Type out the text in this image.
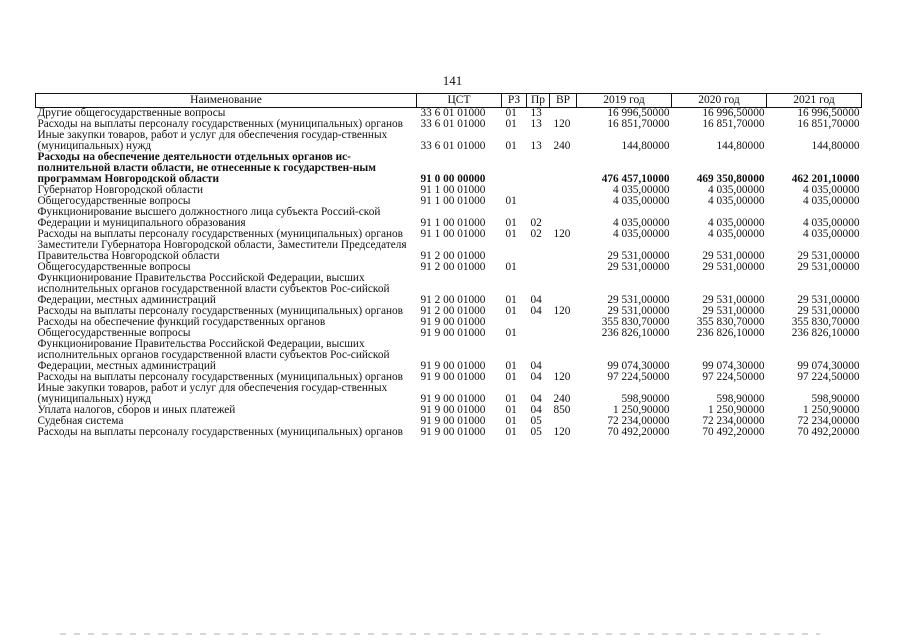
141
Наименование	ЦСТ	РЗ	Пр	ВР	2019 год	2020 год	2021 год
Другие общегосударственные вопросы	33 6 01 01000	01	13		16 996,50000	16 996,50000	16 996,50000
Расходы на выплаты персоналу государственных (муниципальных) органов	33 6 01 01000	01	13	120	16 851,70000	16 851,70000	16 851,70000
Иные закупки товаров, работ и услуг для обеспечения государ-ственных (муниципальных) нужд	33 6 01 01000	01	13	240	144,80000	144,80000	144,80000
Расходы на обеспечение деятельности отдельных органов ис-полнительной власти области, не отнесенные к государствен-ным программам Новгородской области	91 0 00 00000				476 457,10000	469 350,80000	462 201,10000
Губернатор Новгородской области	91 1 00 01000				4 035,00000	4 035,00000	4 035,00000
Общегосударственные вопросы	91 1 00 01000	01			4 035,00000	4 035,00000	4 035,00000
Функционирование высшего должностного лица субъекта Россий-ской Федерации и муниципального образования	91 1 00 01000	01	02		4 035,00000	4 035,00000	4 035,00000
Расходы на выплаты персоналу государственных (муниципальных) органов	91 1 00 01000	01	02	120	4 035,00000	4 035,00000	4 035,00000
Заместители Губернатора Новгородской области, Заместители Председателя Правительства Новгородской области	91 2 00 01000				29 531,00000	29 531,00000	29 531,00000
Общегосударственные вопросы	91 2 00 01000	01			29 531,00000	29 531,00000	29 531,00000
Функционирование Правительства Российской Федерации, высших исполнительных органов государственной власти субъектов Рос-сийской Федерации, местных администраций	91 2 00 01000	01	04		29 531,00000	29 531,00000	29 531,00000
Расходы на выплаты персоналу государственных (муниципальных) органов	91 2 00 01000	01	04	120	29 531,00000	29 531,00000	29 531,00000
Расходы на обеспечение функций государственных органов	91 9 00 01000				355 830,70000	355 830,70000	355 830,70000
Общегосударственные вопросы	91 9 00 01000	01			236 826,10000	236 826,10000	236 826,10000
Функционирование Правительства Российской Федерации, высших исполнительных органов государственной власти субъектов Рос-сийской Федерации, местных администраций	91 9 00 01000	01	04		99 074,30000	99 074,30000	99 074,30000
Расходы на выплаты персоналу государственных (муниципальных) органов	91 9 00 01000	01	04	120	97 224,50000	97 224,50000	97 224,50000
Иные закупки товаров, работ и услуг для обеспечения государ-ственных (муниципальных) нужд	91 9 00 01000	01	04	240	598,90000	598,90000	598,90000
Уплата налогов, сборов и иных платежей	91 9 00 01000	01	04	850	1 250,90000	1 250,90000	1 250,90000
Судебная система	91 9 00 01000	01	05		72 234,00000	72 234,00000	72 234,00000
Расходы на выплаты персоналу государственных (муниципальных) органов	91 9 00 01000	01	05	120	70 492,20000	70 492,20000	70 492,20000
